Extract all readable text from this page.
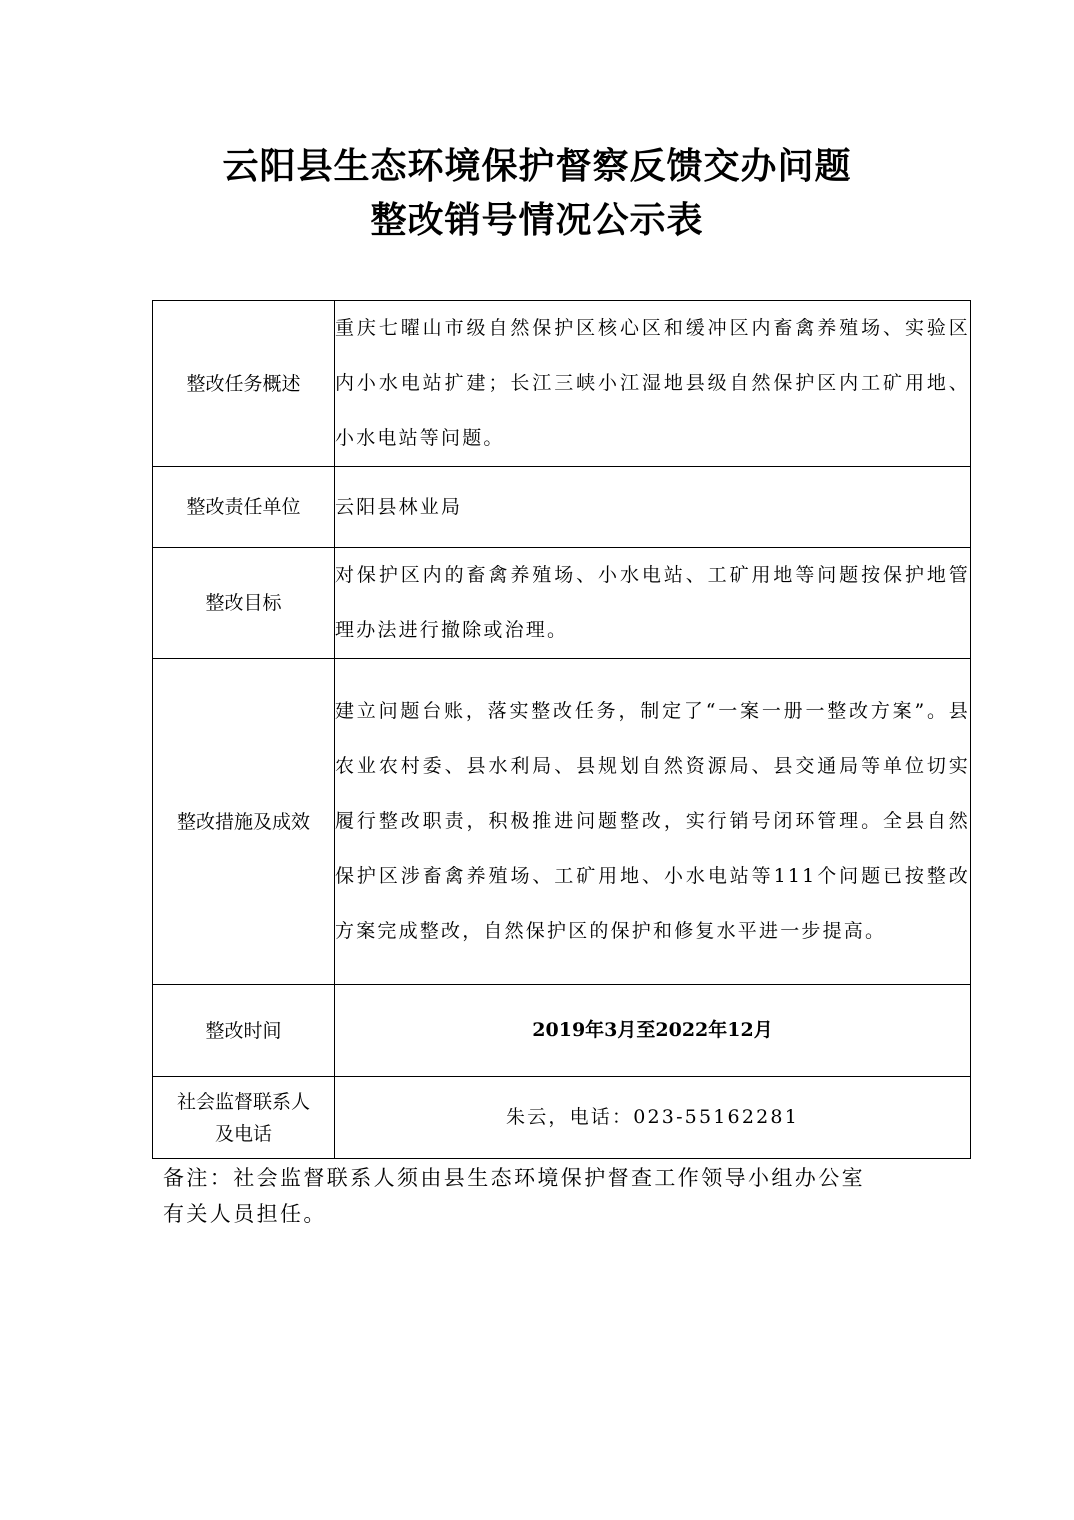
云阳县生态环境保护督察反馈交办问题
整改销号情况公示表
整改任务概述	重庆七曜山市级自然保护区核心区和缓冲区内畜禽养殖场、实验区内小水电站扩建；长江三峡小江湿地县级自然保护区内工矿用地、小水电站等问题。
整改责任单位	云阳县林业局
整改目标	对保护区内的畜禽养殖场、小水电站、工矿用地等问题按保护地管理办法进行撤除或治理。
整改措施及成效	建立问题台账，落实整改任务，制定了“一案一册一整改方案”。县农业农村委、县水利局、县规划自然资源局、县交通局等单位切实履行整改职责，积极推进问题整改，实行销号闭环管理。全县自然保护区涉畜禽养殖场、工矿用地、小水电站等111个问题已按整改方案完成整改，自然保护区的保护和修复水平进一步提高。
整改时间	2019年3月至2022年12月

社会监督联系人
及电话	朱云，电话：023-55162281
备注：社会监督联系人须由县生态环境保护督查工作领导小组办公室
有关人员担任。
